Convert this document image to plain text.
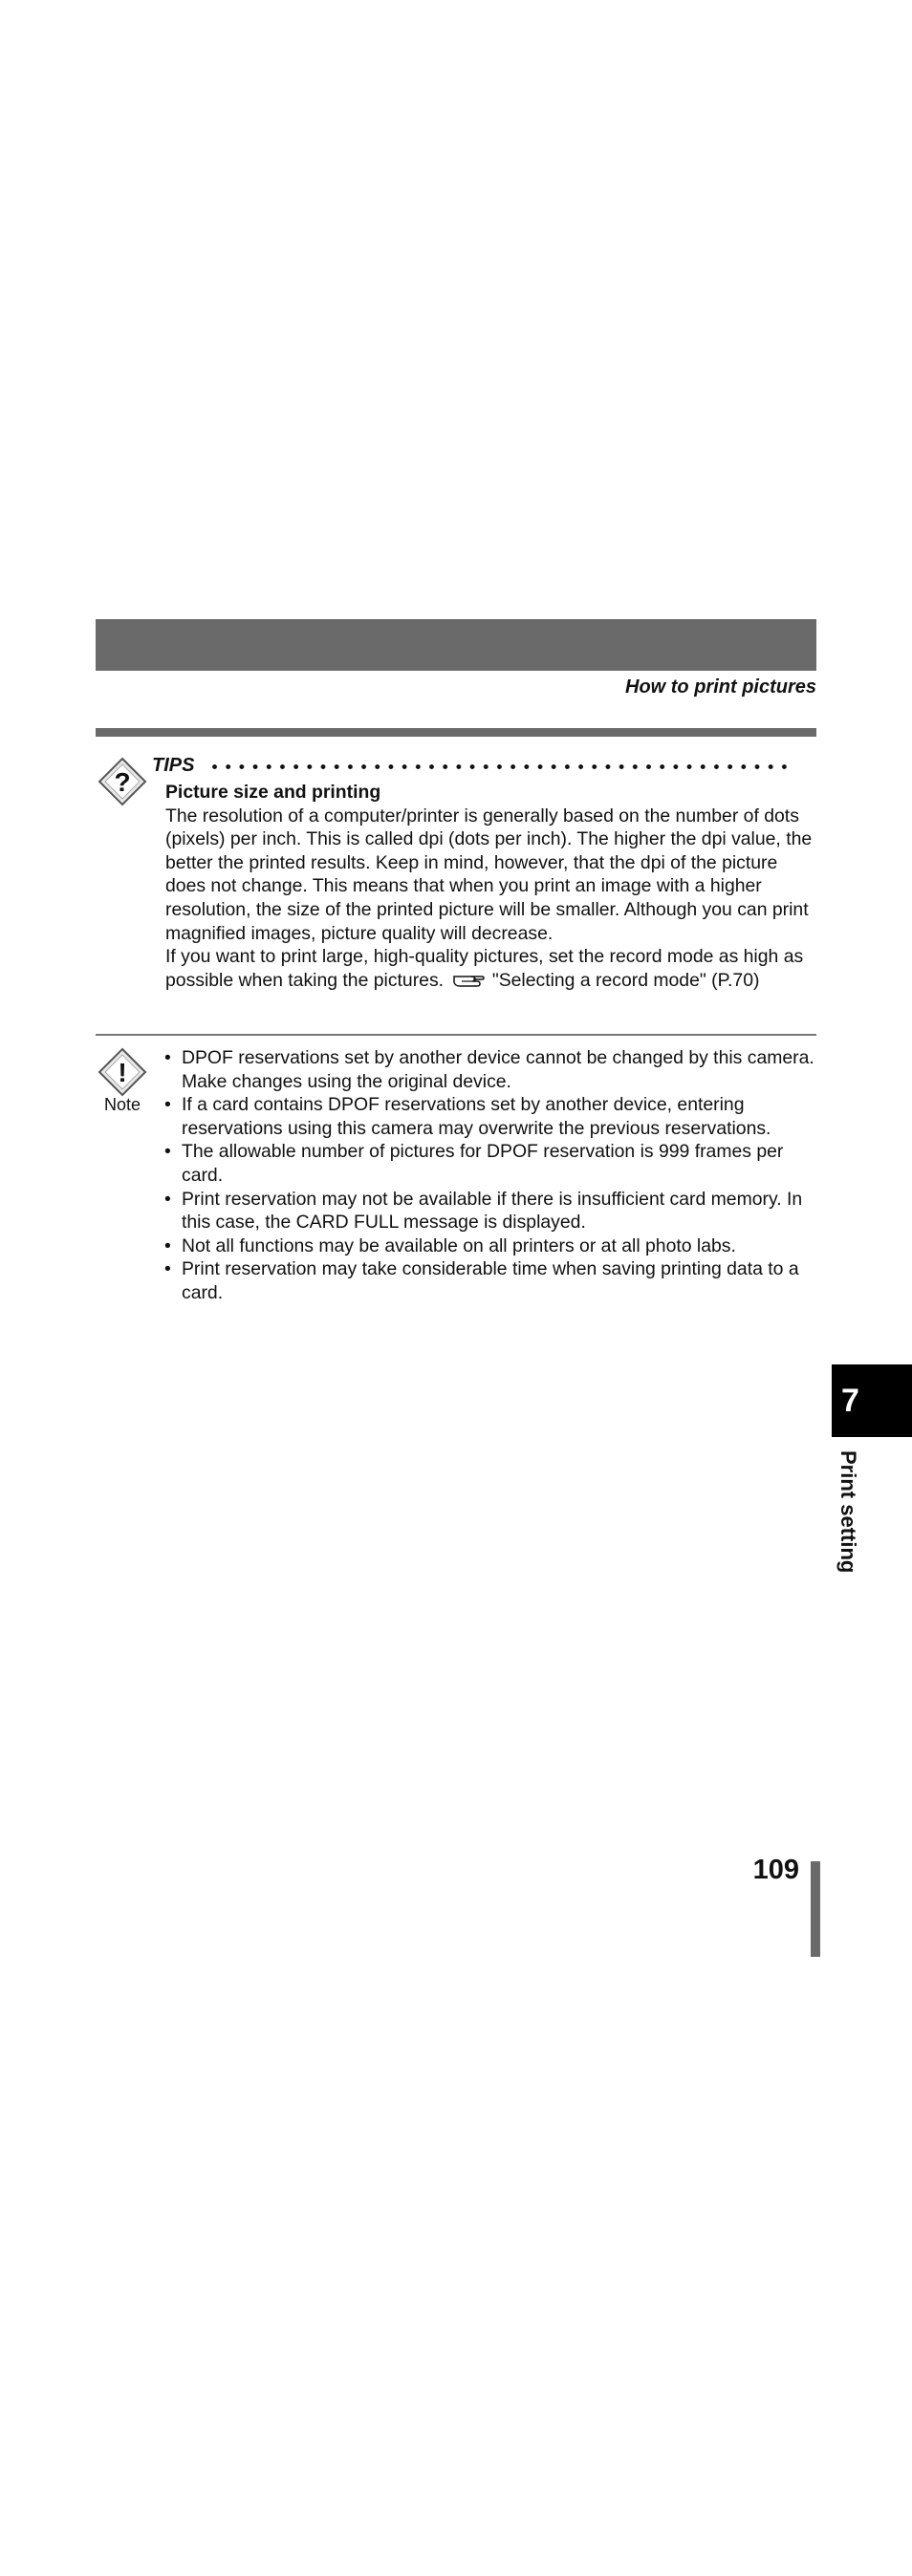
How to print pictures
?
TIPS
Picture size and printing

The resolution of a computer/printer is generally based on the number of dots (pixels) per inch. This is called dpi (dots per inch). The higher the dpi value, the better the printed results. Keep in mind, however, that the dpi of the picture does not change. This means that when you print an image with a higher resolution, the size of the printed picture will be smaller. Although you can print magnified images, picture quality will decrease.

If you want to print large, high-quality pictures, set the record mode as high as possible when taking the pictures.	"Selecting a record mode" (P.70)

!
Note
• DPOF reservations set by another device cannot be changed by this camera. Make changes using the original device.
• If a card contains DPOF reservations set by another device, entering reservations using this camera may overwrite the previous reservations.
• The allowable number of pictures for DPOF reservation is 999 frames per card.
• Print reservation may not be available if there is insufficient card memory. In this case, the CARD FULL message is displayed.
• Not all functions may be available on all printers or at all photo labs.
• Print reservation may take considerable time when saving printing data to a card.
7
Print setting
109
